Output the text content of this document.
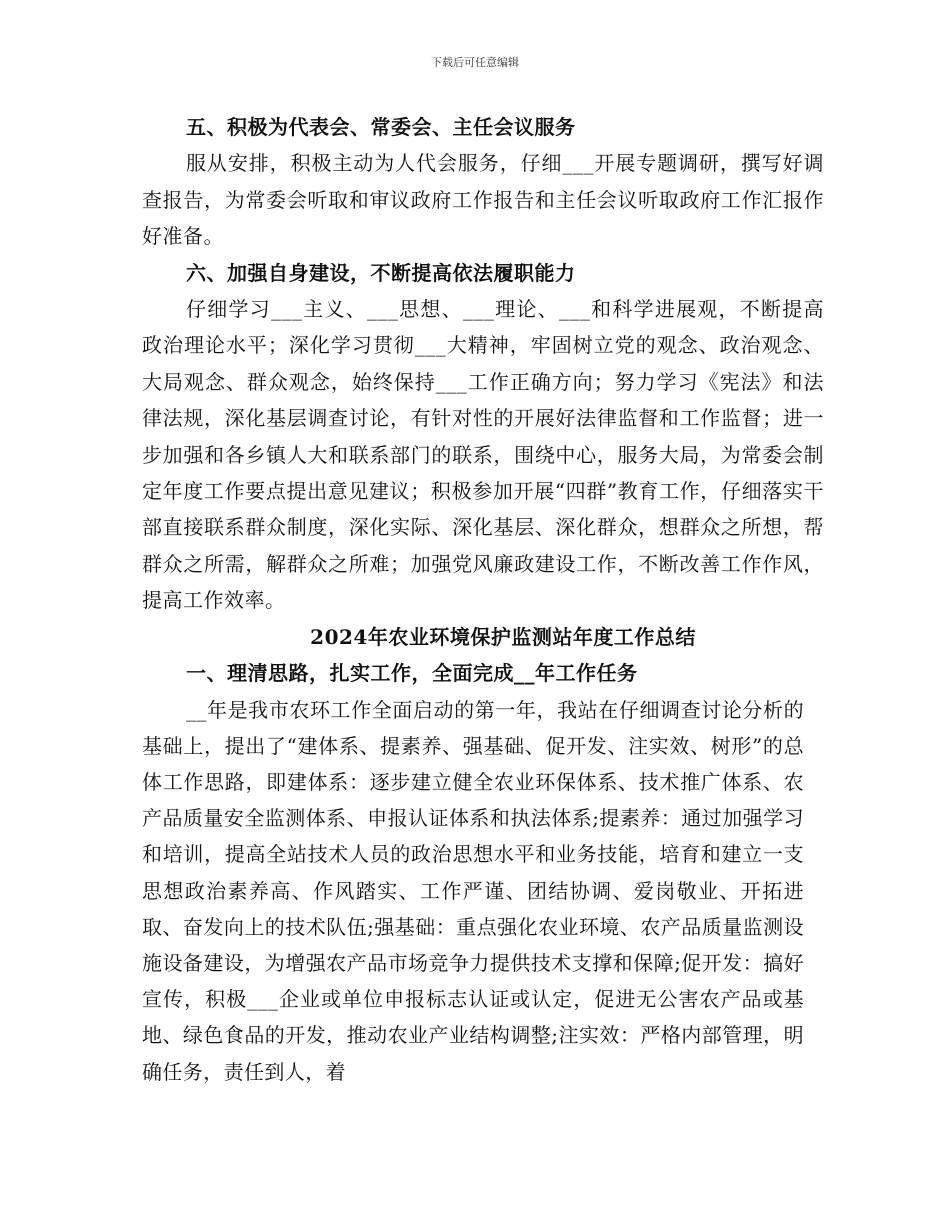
下载后可任意编辑

五、积极为代表会、常委会、主任会议服务

服从安排，积极主动为人代会服务，仔细___开展专题调研，撰写好调查报告，为常委会听取和审议政府工作报告和主任会议听取政府工作汇报作好准备。

六、加强自身建设，不断提高依法履职能力

仔细学习___主义、___思想、___理论、___和科学进展观，不断提高政治理论水平；深化学习贯彻___大精神，牢固树立党的观念、政治观念、大局观念、群众观念，始终保持___工作正确方向；努力学习《宪法》和法律法规，深化基层调查讨论，有针对性的开展好法律监督和工作监督；进一步加强和各乡镇人大和联系部门的联系，围绕中心，服务大局，为常委会制定年度工作要点提出意见建议；积极参加开展“四群”教育工作，仔细落实干部直接联系群众制度，深化实际、深化基层、深化群众，想群众之所想，帮群众之所需，解群众之所难；加强党风廉政建设工作，不断改善工作作风，提高工作效率。

2024年农业环境保护监测站年度工作总结

一、理清思路，扎实工作，全面完成__年工作任务

__年是我市农环工作全面启动的第一年，我站在仔细调查讨论分析的基础上，提出了“建体系、提素养、强基础、促开发、注实效、树形”的总体工作思路，即建体系：逐步建立健全农业环保体系、技术推广体系、农产品质量安全监测体系、申报认证体系和执法体系;提素养：通过加强学习和培训，提高全站技术人员的政治思想水平和业务技能，培育和建立一支思想政治素养高、作风踏实、工作严谨、团结协调、爱岗敬业、开拓进取、奋发向上的技术队伍;强基础：重点强化农业环境、农产品质量监测设施设备建设，为增强农产品市场竞争力提供技术支撑和保障;促开发：搞好宣传，积极___企业或单位申报标志认证或认定，促进无公害农产品或基地、绿色食品的开发，推动农业产业结构调整;注实效：严格内部管理，明确任务，责任到人，着
